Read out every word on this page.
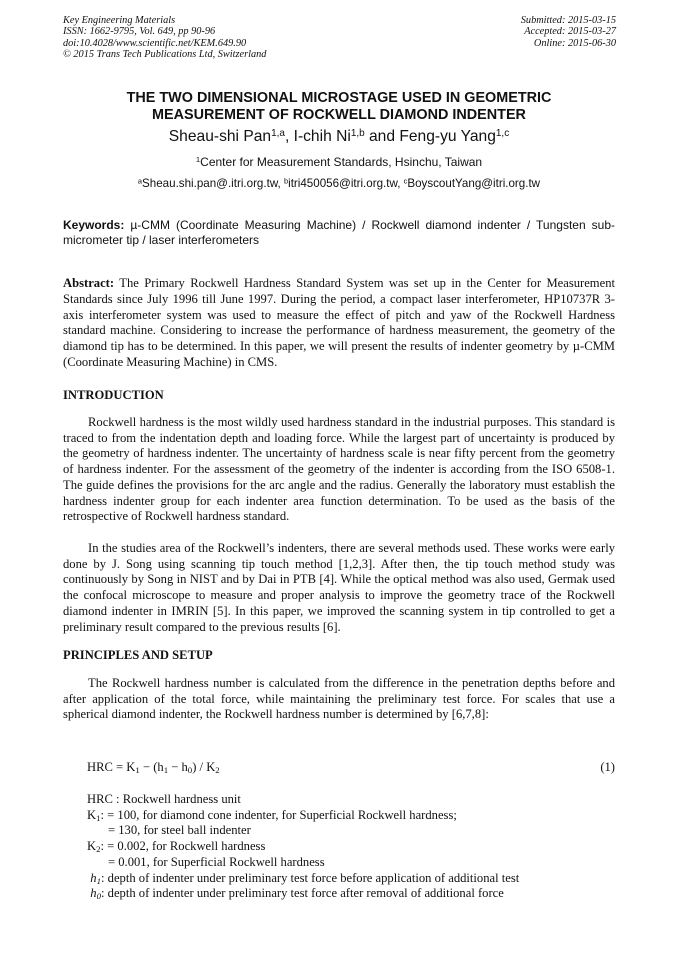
Key Engineering Materials
ISSN: 1662-9795, Vol. 649, pp 90-96
doi:10.4028/www.scientific.net/KEM.649.90
© 2015 Trans Tech Publications Ltd, Switzerland
Submitted: 2015-03-15
Accepted: 2015-03-27
Online: 2015-06-30
THE TWO DIMENSIONAL MICROSTAGE USED IN GEOMETRIC
MEASUREMENT OF ROCKWELL DIAMOND INDENTER
Sheau-shi Pan$^{1,a}$, I-chih Ni$^{1,b}$ and Feng-yu Yang$^{1,c}$
$^1$Center for Measurement Standards, Hsinchu, Taiwan
$^a$Sheau.shi.pan@.itri.org.tw, $^b$itri450056@itri.org.tw, $^c$BoyscoutYang@itri.org.tw
Keywords: µ-CMM (Coordinate Measuring Machine) / Rockwell diamond indenter / Tungsten sub-micrometer tip / laser interferometers
Abstract: The Primary Rockwell Hardness Standard System was set up in the Center for Measurement Standards since July 1996 till June 1997. During the period, a compact laser interferometer, HP10737R 3-axis interferometer system was used to measure the effect of pitch and yaw of the Rockwell Hardness standard machine. Considering to increase the performance of hardness measurement, the geometry of the diamond tip has to be determined. In this paper, we will present the results of indenter geometry by µ-CMM (Coordinate Measuring Machine) in CMS.
INTRODUCTION
Rockwell hardness is the most wildly used hardness standard in the industrial purposes. This standard is traced to from the indentation depth and loading force. While the largest part of uncertainty is produced by the geometry of hardness indenter. The uncertainty of hardness scale is near fifty percent from the geometry of hardness indenter. For the assessment of the geometry of the indenter is according from the ISO 6508-1. The guide defines the provisions for the arc angle and the radius. Generally the laboratory must establish the hardness indenter group for each indenter area function determination. To be used as the basis of the retrospective of Rockwell hardness standard.
In the studies area of the Rockwell’s indenters, there are several methods used. These works were early done by J. Song using scanning tip touch method [1,2,3]. After then, the tip touch method study was continuously by Song in NIST and by Dai in PTB [4]. While the optical method was also used, Germak used the confocal microscope to measure and proper analysis to improve the geometry trace of the Rockwell diamond indenter in IMRIN [5]. In this paper, we improved the scanning system in tip controlled to get a preliminary result compared to the previous results [6].
PRINCIPLES AND SETUP
The Rockwell hardness number is calculated from the difference in the penetration depths before and after application of the total force, while maintaining the preliminary test force. For scales that use a spherical diamond indenter, the Rockwell hardness number is determined by [6,7,8]:
HRC = $K_1 - (h_1 - h_0) / K_2$	(1)
HRC : Rockwell hardness unit
$K_1$: = 100, for diamond cone indenter, for Superficial Rockwell hardness;
= 130, for steel ball indenter
$K_2$: = 0.002, for Rockwell hardness
= 0.001, for Superficial Rockwell hardness
$h_1$: depth of indenter under preliminary test force before application of additional test
$h_0$: depth of indenter under preliminary test force after removal of additional force
